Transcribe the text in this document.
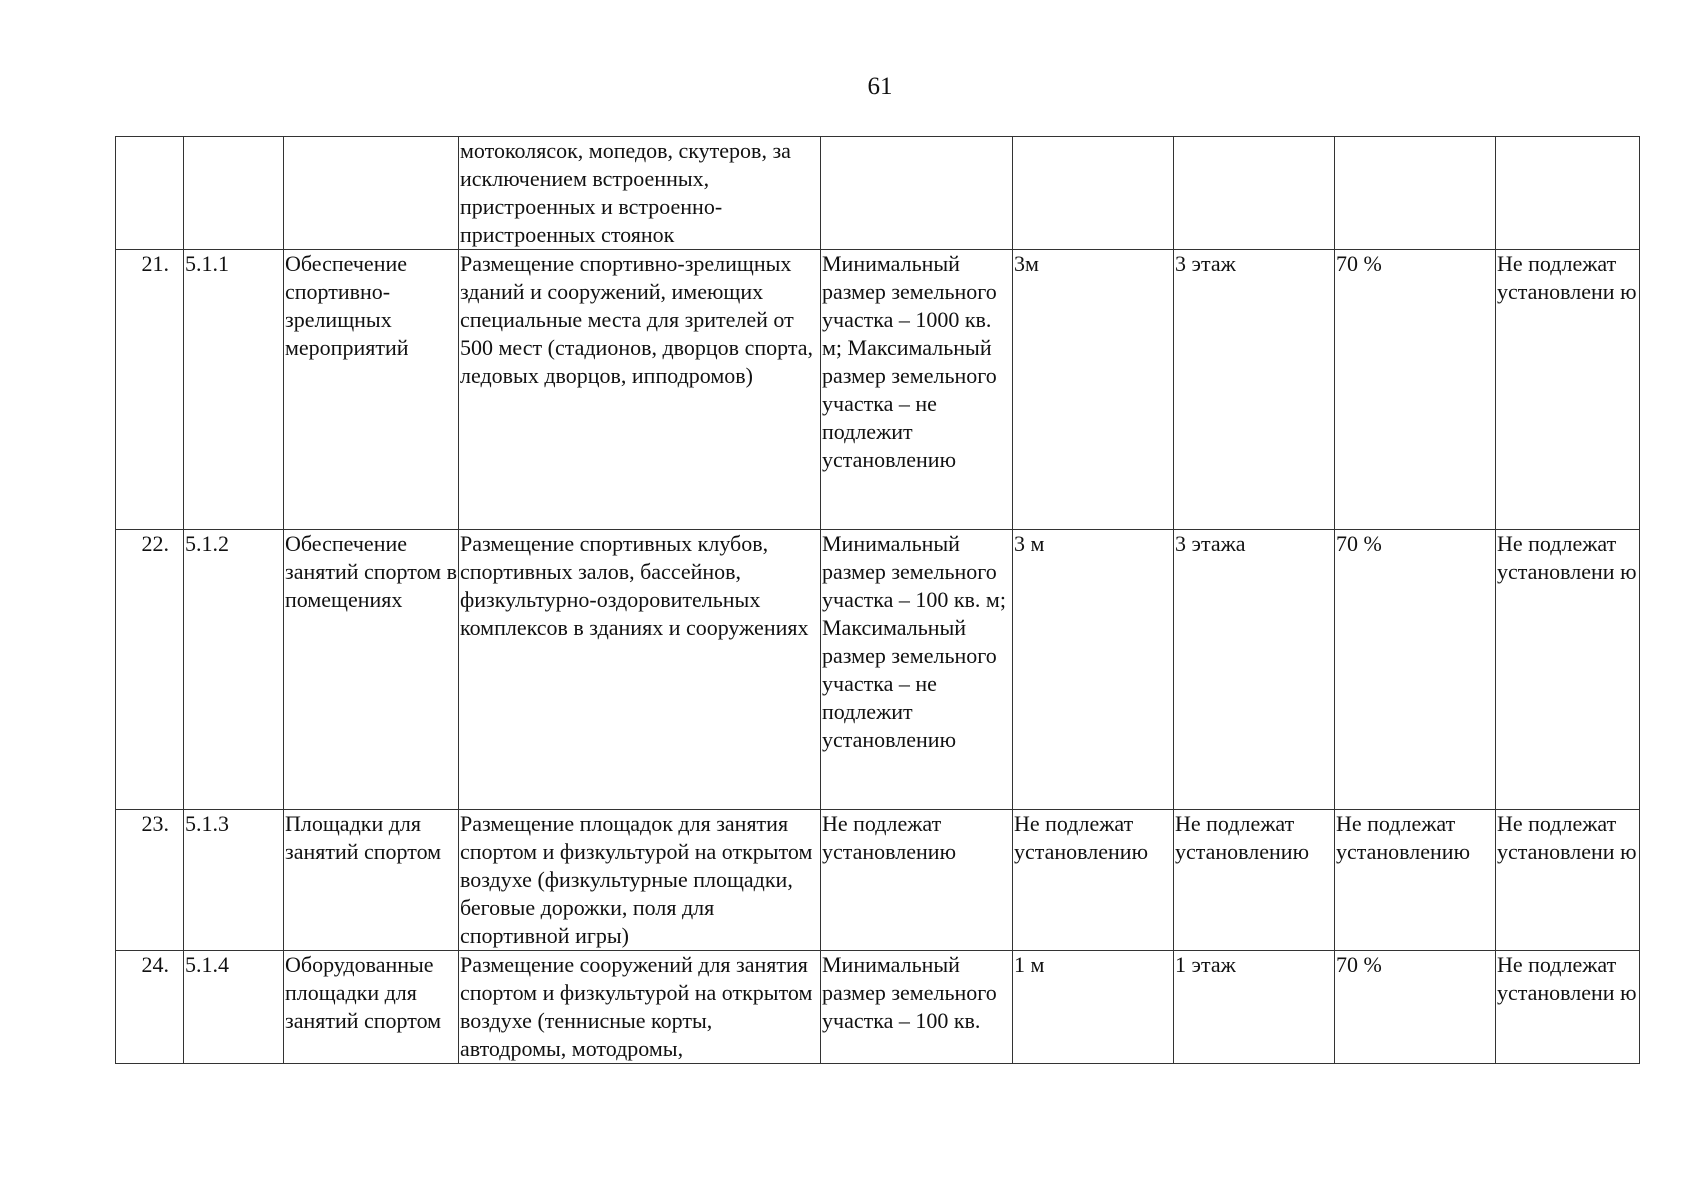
61
			мотоколясок, мопедов, скутеров, за исключением встроенных, пристроенных и встроенно-пристроенных стоянок					
21.	5.1.1	Обеспечение спортивно-зрелищных мероприятий	Размещение спортивно-зрелищных зданий и сооружений, имеющих специальные места для зрителей от 500 мест (стадионов, дворцов спорта, ледовых дворцов, ипподромов)	Минимальный размер земельного участка – 1000 кв. м; Максимальный размер земельного участка – не подлежит установлению	3м	3 этаж	70 %	Не подлежат установлени ю
22.	5.1.2	Обеспечение занятий спортом в помещениях	Размещение спортивных клубов, спортивных залов, бассейнов, физкультурно-оздоровительных комплексов в зданиях и сооружениях	Минимальный размер земельного участка – 100 кв. м; Максимальный размер земельного участка – не подлежит установлению	3 м	3 этажа	70 %	Не подлежат установлени ю
23.	5.1.3	Площадки для занятий спортом	Размещение площадок для занятия спортом и физкультурой на открытом воздухе (физкультурные площадки, беговые дорожки, поля для спортивной игры)	Не подлежат установлению	Не подлежат установлению	Не подлежат установлению	Не подлежат установлению	Не подлежат установлени ю
24.	5.1.4	Оборудованные площадки для занятий спортом	Размещение сооружений для занятия спортом и физкультурой на открытом воздухе (теннисные корты, автодромы, мотодромы,	Минимальный размер земельного участка – 100 кв.	1 м	1 этаж	70 %	Не подлежат установлени ю
